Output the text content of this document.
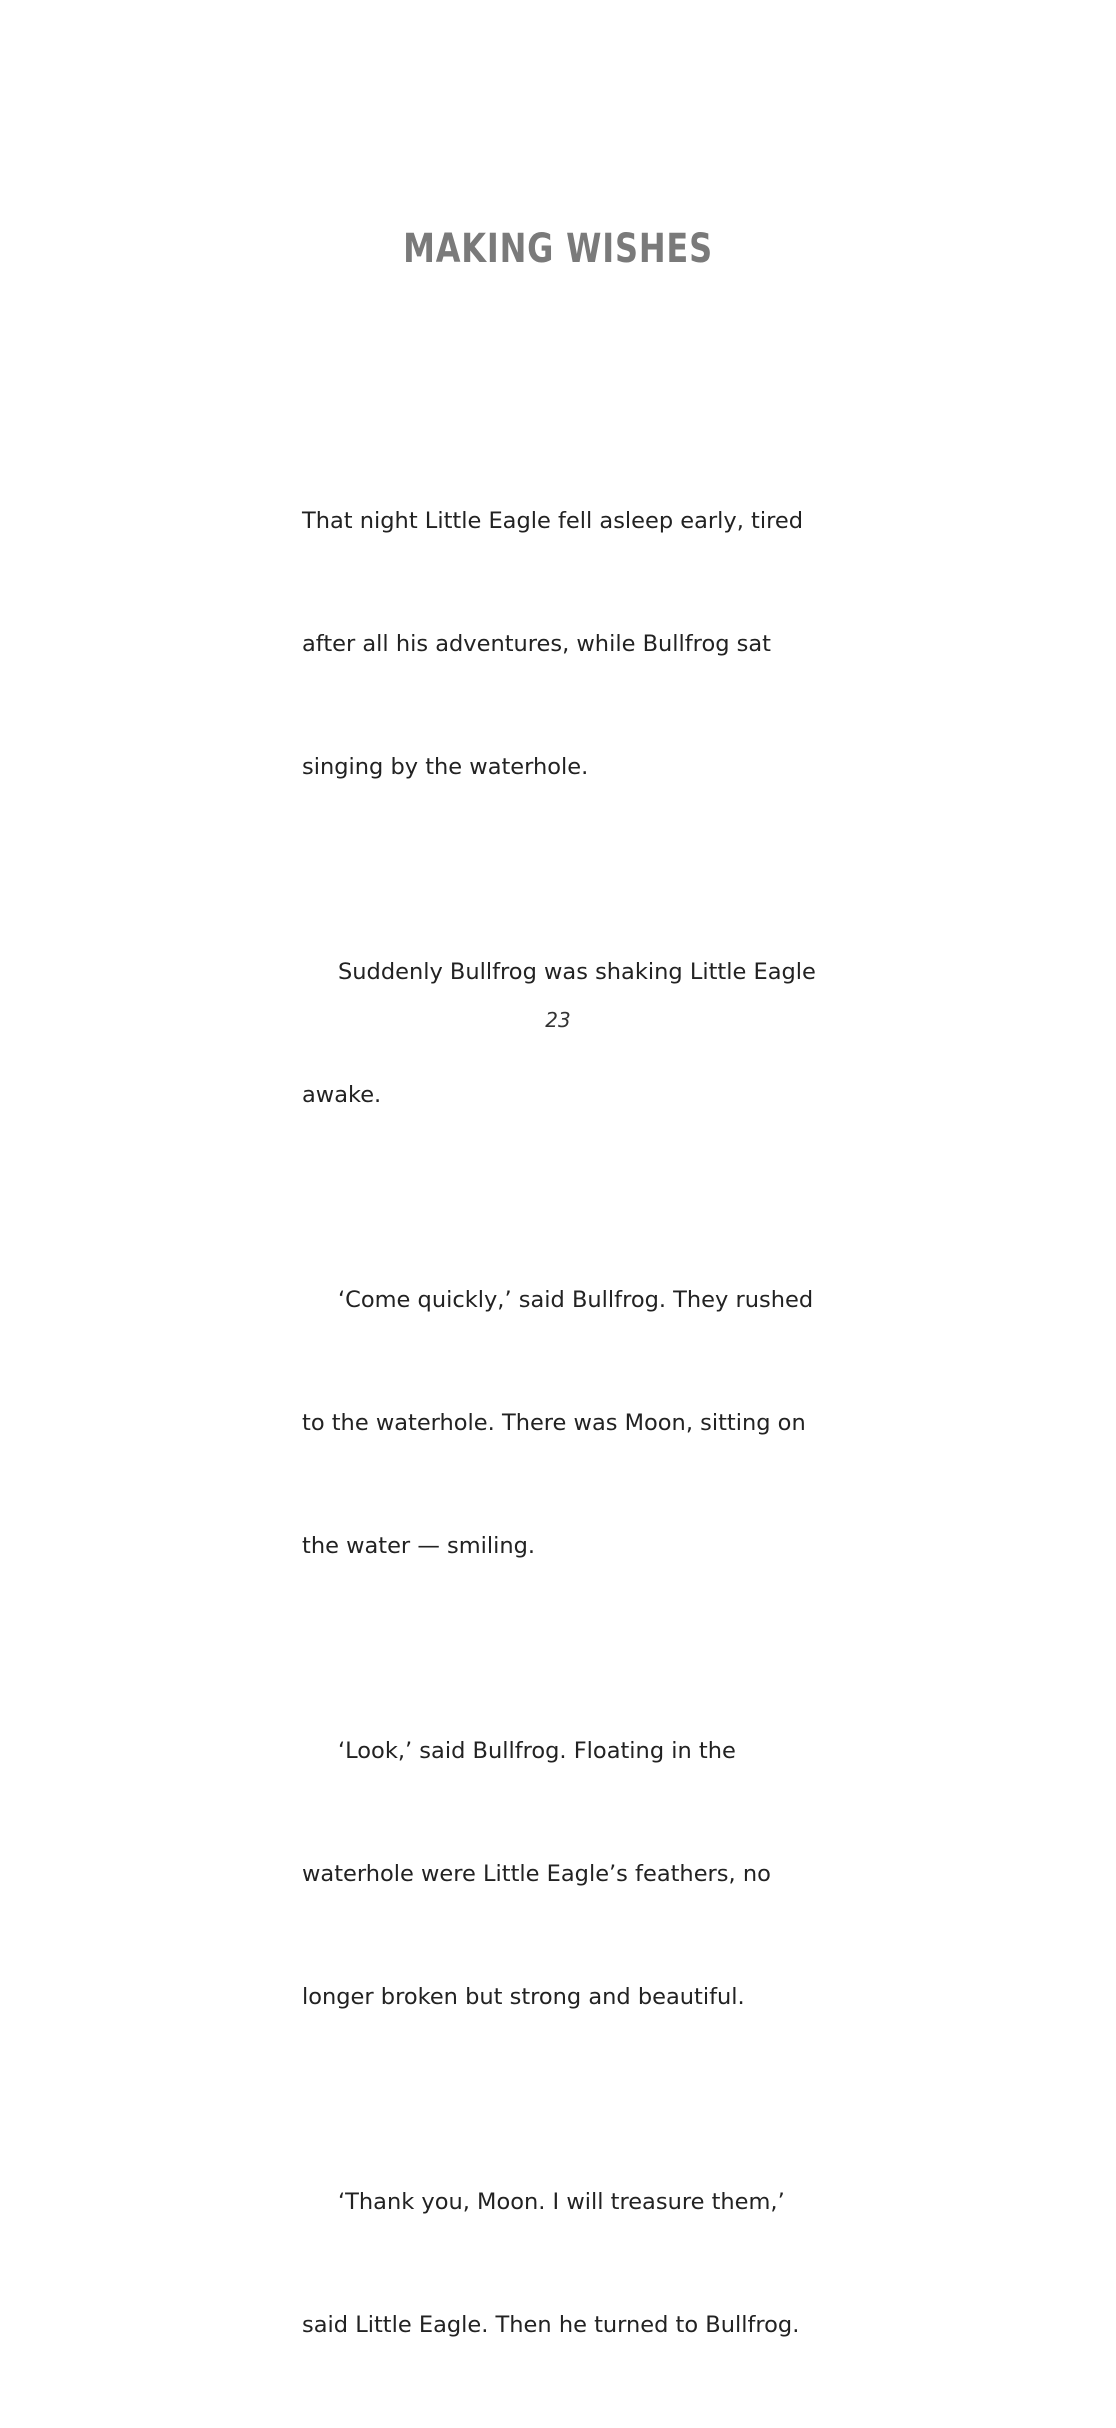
MAKING WISHES

That night Little Eagle fell asleep early, tired

after all his adventures, while Bullfrog sat

singing by the waterhole.

Suddenly Bullfrog was shaking Little Eagle

awake.

‘Come quickly,’ said Bullfrog. They rushed

to the waterhole. There was Moon, sitting on

the water — smiling.

‘Look,’ said Bullfrog. Floating in the

waterhole were Little Eagle’s feathers, no

longer broken but strong and beautiful.

‘Thank you, Moon. I will treasure them,’

said Little Eagle. Then he turned to Bullfrog.

23
